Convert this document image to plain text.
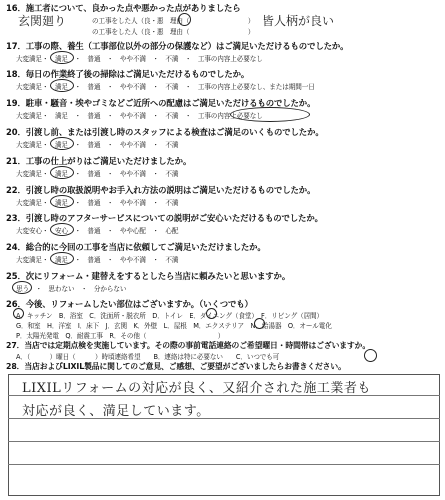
16．施工者について、良かった点や悪かった点がありましたら
玄関廻り	の工事をした人（良・悪　理由（　　　　　　　　　） 皆人柄が良い
の工事をした人（良・悪　理由（　　　　　　　　　）
17．工事の際、養生（工事部位以外の部分の保護など）はご満足いただけるものでしたか。
大変満足・　満足　・　普通　・　やや不満　・　不満　・　工事の内容上必要なし
18．毎日の作業終了後の掃除はご満足いただけるものでしたか。
大変満足・　満足　・　普通　・　やや不満　・　不満　・　工事の内容上必要なし、または期間一日
19．駐車・騒音・埃やゴミなどご近所への配慮はご満足いただけるものでしたか。
大変満足・　満足　・　普通　・　やや不満　・　不満　・　工事の内容上必要なし
20．引渡し前、または引渡し時のスタッフによる検査はご満足のいくものでしたか。
大変満足・　満足　・　普通　・　やや不満　・　不満
21．工事の仕上がりはご満足いただけましたか。
大変満足・　満足　・　普通　・　やや不満　・　不満
22．引渡し時の取扱説明やお手入れ方法の説明はご満足いただけるものでしたか。
大変満足・　満足　・　普通　・　やや不満　・　不満
23．引渡し時のアフターサービスについての説明がご安心いただけるものでしたか。
大変安心・　安心　・　普通　・　やや心配　・　心配
24．総合的に今回の工事を当店に依頼してご満足いただけましたか。
大変満足・　満足　・　普通　・　やや不満　・　不満
25．次にリフォーム・建替えをするとしたら当店に頼みたいと思いますか。
思う　・　思わない　・　分からない
26．今後、リフォームしたい部位はございますか。（いくつでも）
A．キッチン　B．浴室　C．洗面所・脱衣所　D．トイレ　E．ダイニング（食堂）　F．リビング（居間）
G．和室　H．洋室　I．床下　J．玄関　K．外壁　L．屋根　M．エクステリア　N．給湯器　O．オール電化
P．太陽光発電　Q．耐震工事　R．その他（　　　　　　　　　　　）
27．当店では定期点検を実施しています。その際の事前電話連絡のご希望曜日・時間帯はございますか。
A．（　　　）曜日（　　　）時頃連絡希望　　B．連絡は特に必要ない　　C．いつでも可
28．当店およびLIXIL製品に関してのご意見、ご感想、ご要望がございましたらお書きください。
LIXILリフォームの対応が良く、又紹介された施工業者も
対応が良く、満足しています。
